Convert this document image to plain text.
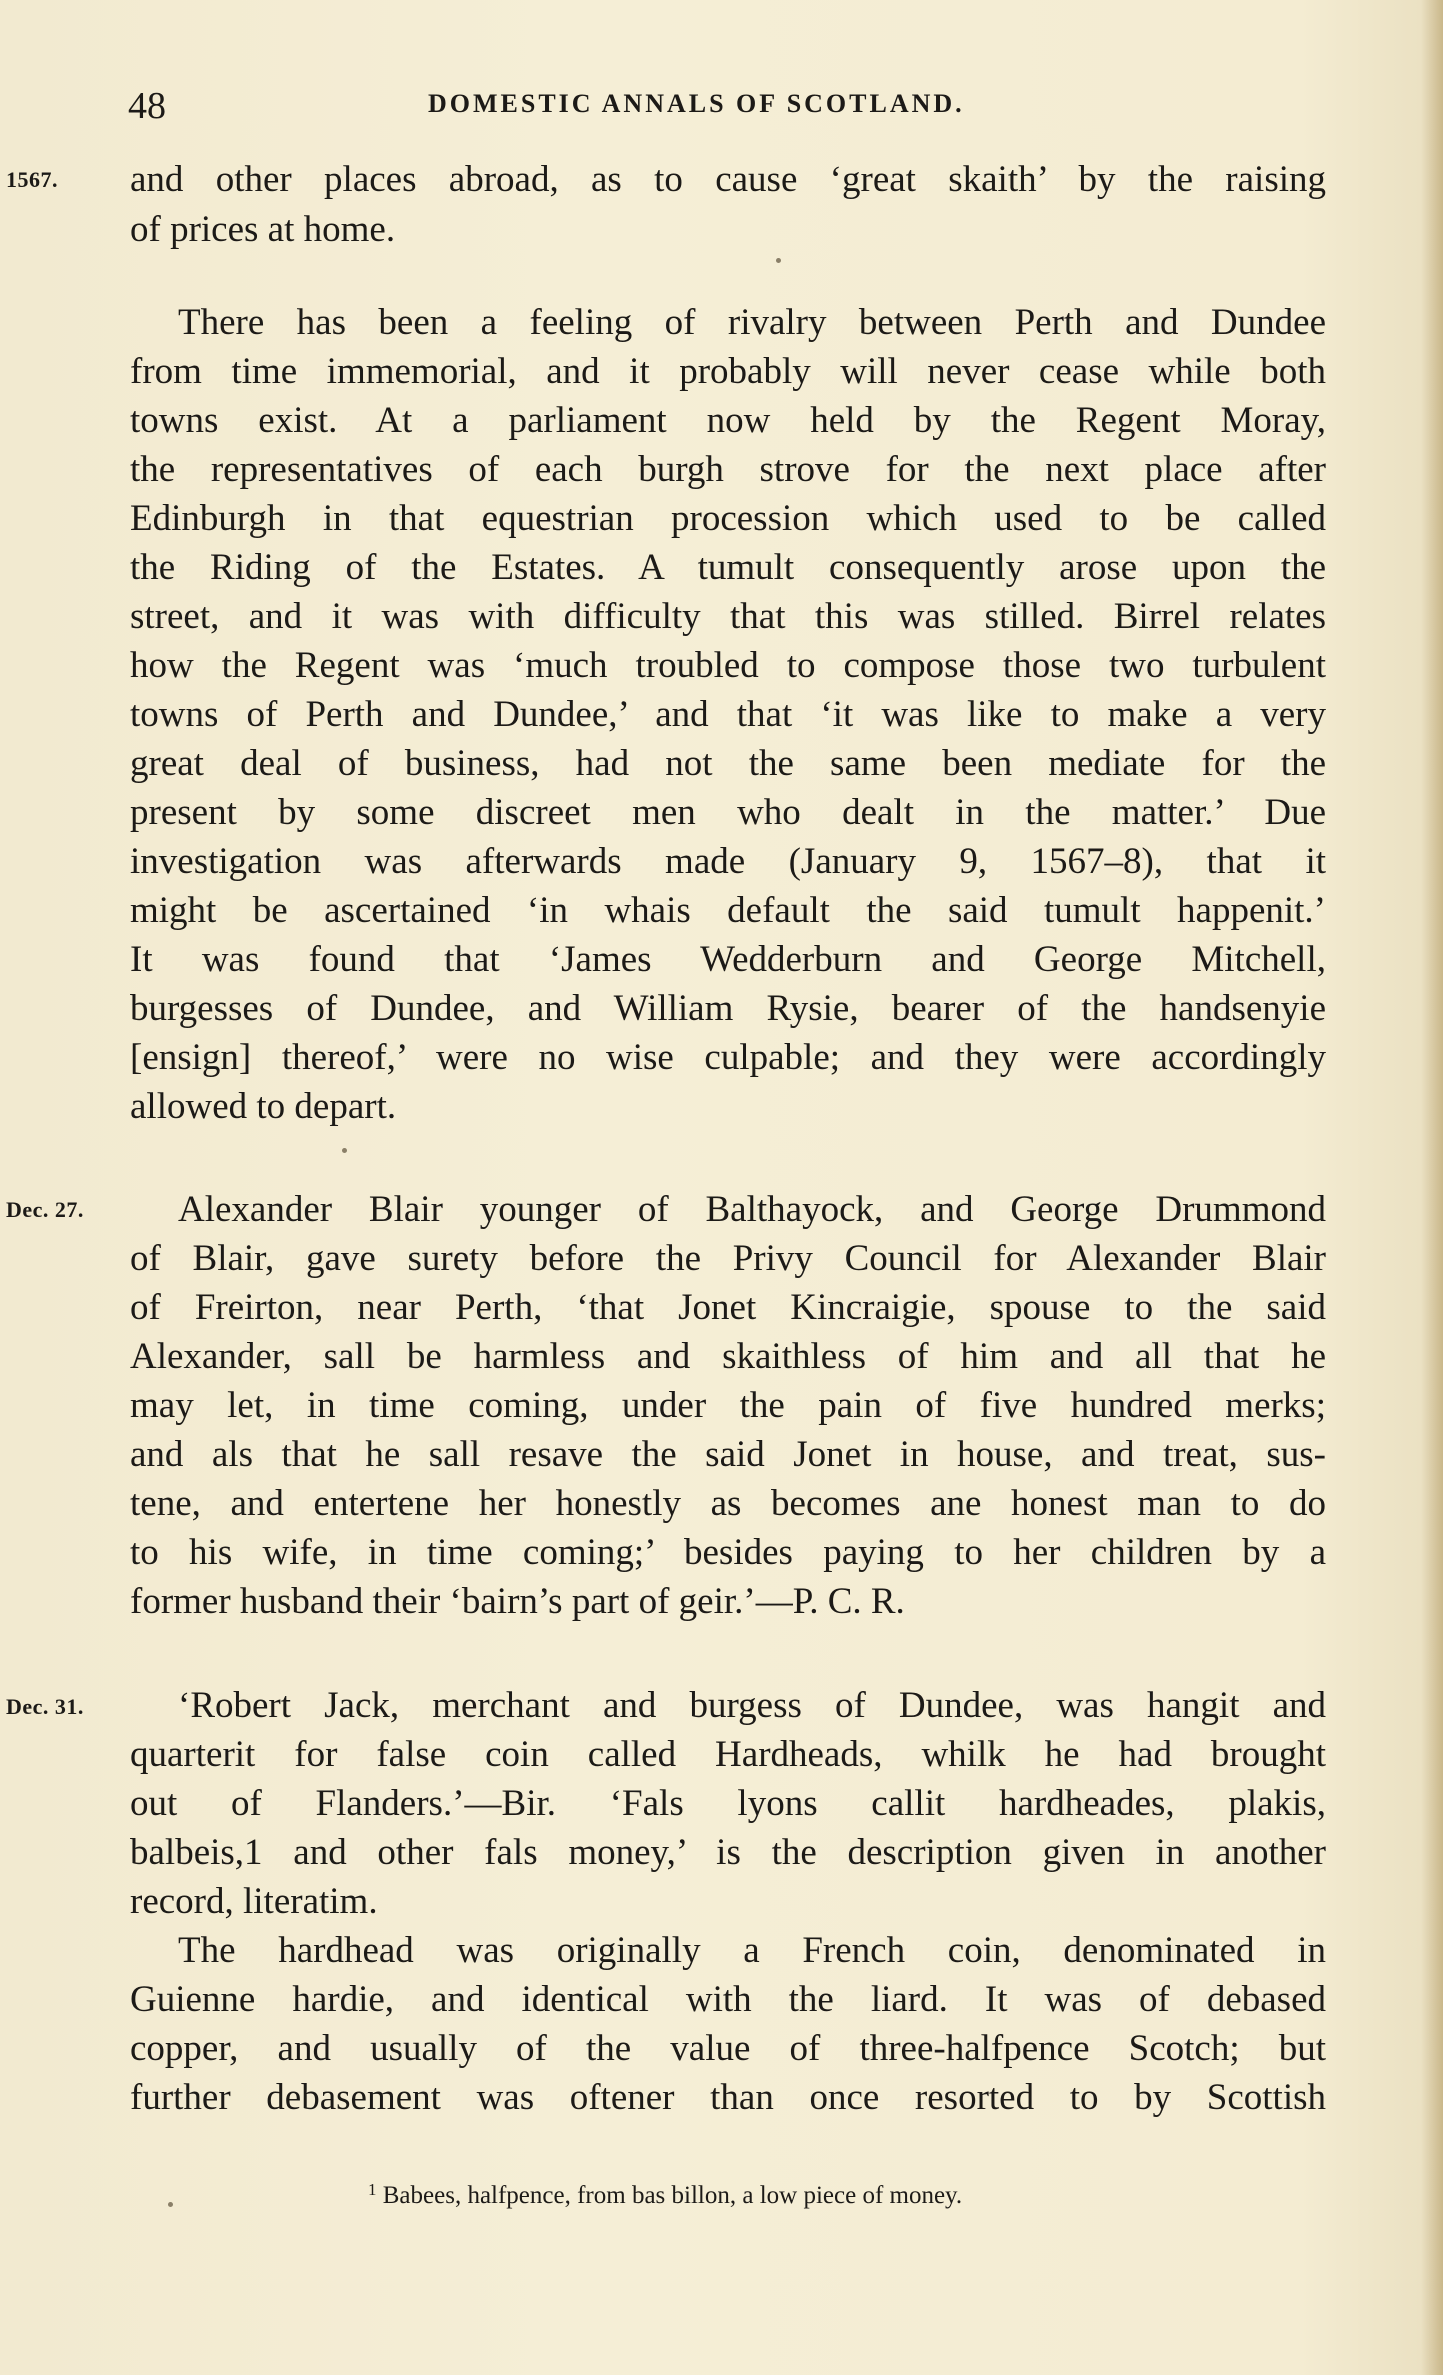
48	DOMESTIC ANNALS OF SCOTLAND.
1567.
Dec. 27.
Dec. 31.
and other places abroad, as to cause ‘great skaith’ by the raising
of prices at home.
There has been a feeling of rivalry between Perth and Dundee
from time immemorial, and it probably will never cease while both
towns exist. At a parliament now held by the Regent Moray,
the representatives of each burgh strove for the next place after
Edinburgh in that equestrian procession which used to be called
the Riding of the Estates. A tumult consequently arose upon the
street, and it was with difficulty that this was stilled. Birrel relates
how the Regent was ‘much troubled to compose those two turbulent
towns of Perth and Dundee,’ and that ‘it was like to make a very
great deal of business, had not the same been mediate for the
present by some discreet men who dealt in the matter.’ Due
investigation was afterwards made (January 9, 1567–8), that it
might be ascertained ‘in whais default the said tumult happenit.’
It was found that ‘James Wedderburn and George Mitchell,
burgesses of Dundee, and William Rysie, bearer of the handsenyie
[ensign] thereof,’ were no wise culpable; and they were accordingly
allowed to depart.
Alexander Blair younger of Balthayock, and George Drummond
of Blair, gave surety before the Privy Council for Alexander Blair
of Freirton, near Perth, ‘that Jonet Kincraigie, spouse to the said
Alexander, sall be harmless and skaithless of him and all that he
may let, in time coming, under the pain of five hundred merks;
and als that he sall resave the said Jonet in house, and treat, sus-
tene, and entertene her honestly as becomes ane honest man to do
to his wife, in time coming;’ besides paying to her children by a
former husband their ‘bairn’s part of geir.’—P. C. R.
‘Robert Jack, merchant and burgess of Dundee, was hangit and
quarterit for false coin called Hardheads, whilk he had brought
out of Flanders.’—Bir. ‘Fals lyons callit hardheades, plakis,
balbeis,1 and other fals money,’ is the description given in another
record, literatim.
The hardhead was originally a French coin, denominated in
Guienne hardie, and identical with the liard. It was of debased
copper, and usually of the value of three-halfpence Scotch; but
further debasement was oftener than once resorted to by Scottish
$^1$ Babees, halfpence, from bas billon, a low piece of money.
